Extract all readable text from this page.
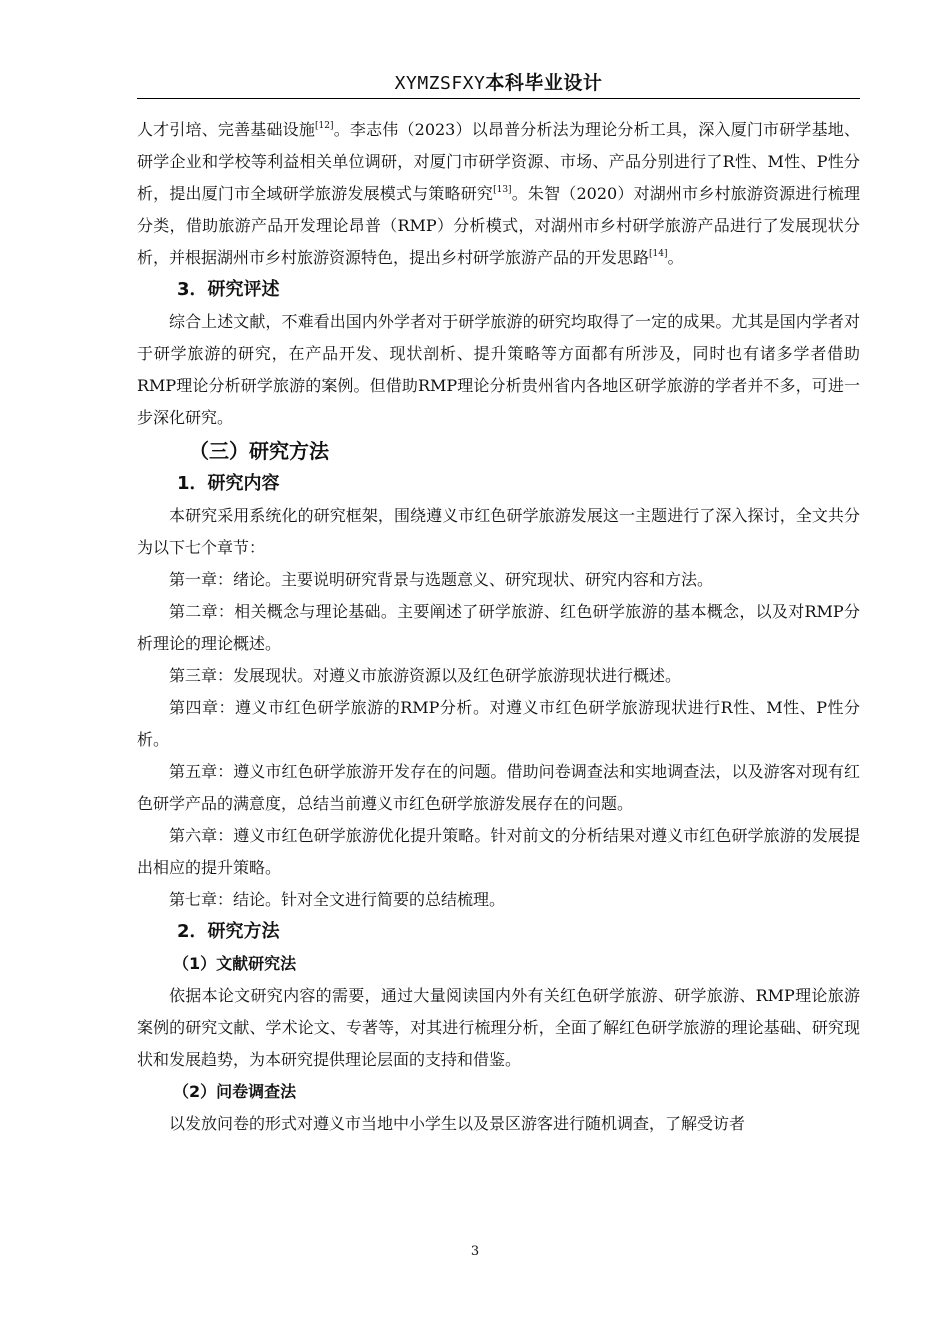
XYMZSFXY本科毕业设计

人才引培、完善基础设施[12]。李志伟（2023）以昂普分析法为理论分析工具，深入厦门市研学基地、研学企业和学校等利益相关单位调研，对厦门市研学资源、市场、产品分别进行了R性、M性、P性分析，提出厦门市全域研学旅游发展模式与策略研究[13]。朱智（2020）对湖州市乡村旅游资源进行梳理分类，借助旅游产品开发理论昂普（RMP）分析模式，对湖州市乡村研学旅游产品进行了发展现状分析，并根据湖州市乡村旅游资源特色，提出乡村研学旅游产品的开发思路[14]。

3．研究评述

综合上述文献，不难看出国内外学者对于研学旅游的研究均取得了一定的成果。尤其是国内学者对于研学旅游的研究，在产品开发、现状剖析、提升策略等方面都有所涉及，同时也有诸多学者借助RMP理论分析研学旅游的案例。但借助RMP理论分析贵州省内各地区研学旅游的学者并不多，可进一步深化研究。

（三）研究方法
1．研究内容

本研究采用系统化的研究框架，围绕遵义市红色研学旅游发展这一主题进行了深入探讨，全文共分为以下七个章节：

第一章：绪论。主要说明研究背景与选题意义、研究现状、研究内容和方法。

第二章：相关概念与理论基础。主要阐述了研学旅游、红色研学旅游的基本概念，以及对RMP分析理论的理论概述。

第三章：发展现状。对遵义市旅游资源以及红色研学旅游现状进行概述。

第四章：遵义市红色研学旅游的RMP分析。对遵义市红色研学旅游现状进行R性、M性、P性分析。

第五章：遵义市红色研学旅游开发存在的问题。借助问卷调查法和实地调查法，以及游客对现有红色研学产品的满意度，总结当前遵义市红色研学旅游发展存在的问题。

第六章：遵义市红色研学旅游优化提升策略。针对前文的分析结果对遵义市红色研学旅游的发展提出相应的提升策略。

第七章：结论。针对全文进行简要的总结梳理。

2．研究方法
（1）文献研究法

依据本论文研究内容的需要，通过大量阅读国内外有关红色研学旅游、研学旅游、RMP理论旅游案例的研究文献、学术论文、专著等，对其进行梳理分析，全面了解红色研学旅游的理论基础、研究现状和发展趋势，为本研究提供理论层面的支持和借鉴。

（2）问卷调查法

以发放问卷的形式对遵义市当地中小学生以及景区游客进行随机调查，了解受访者

3
